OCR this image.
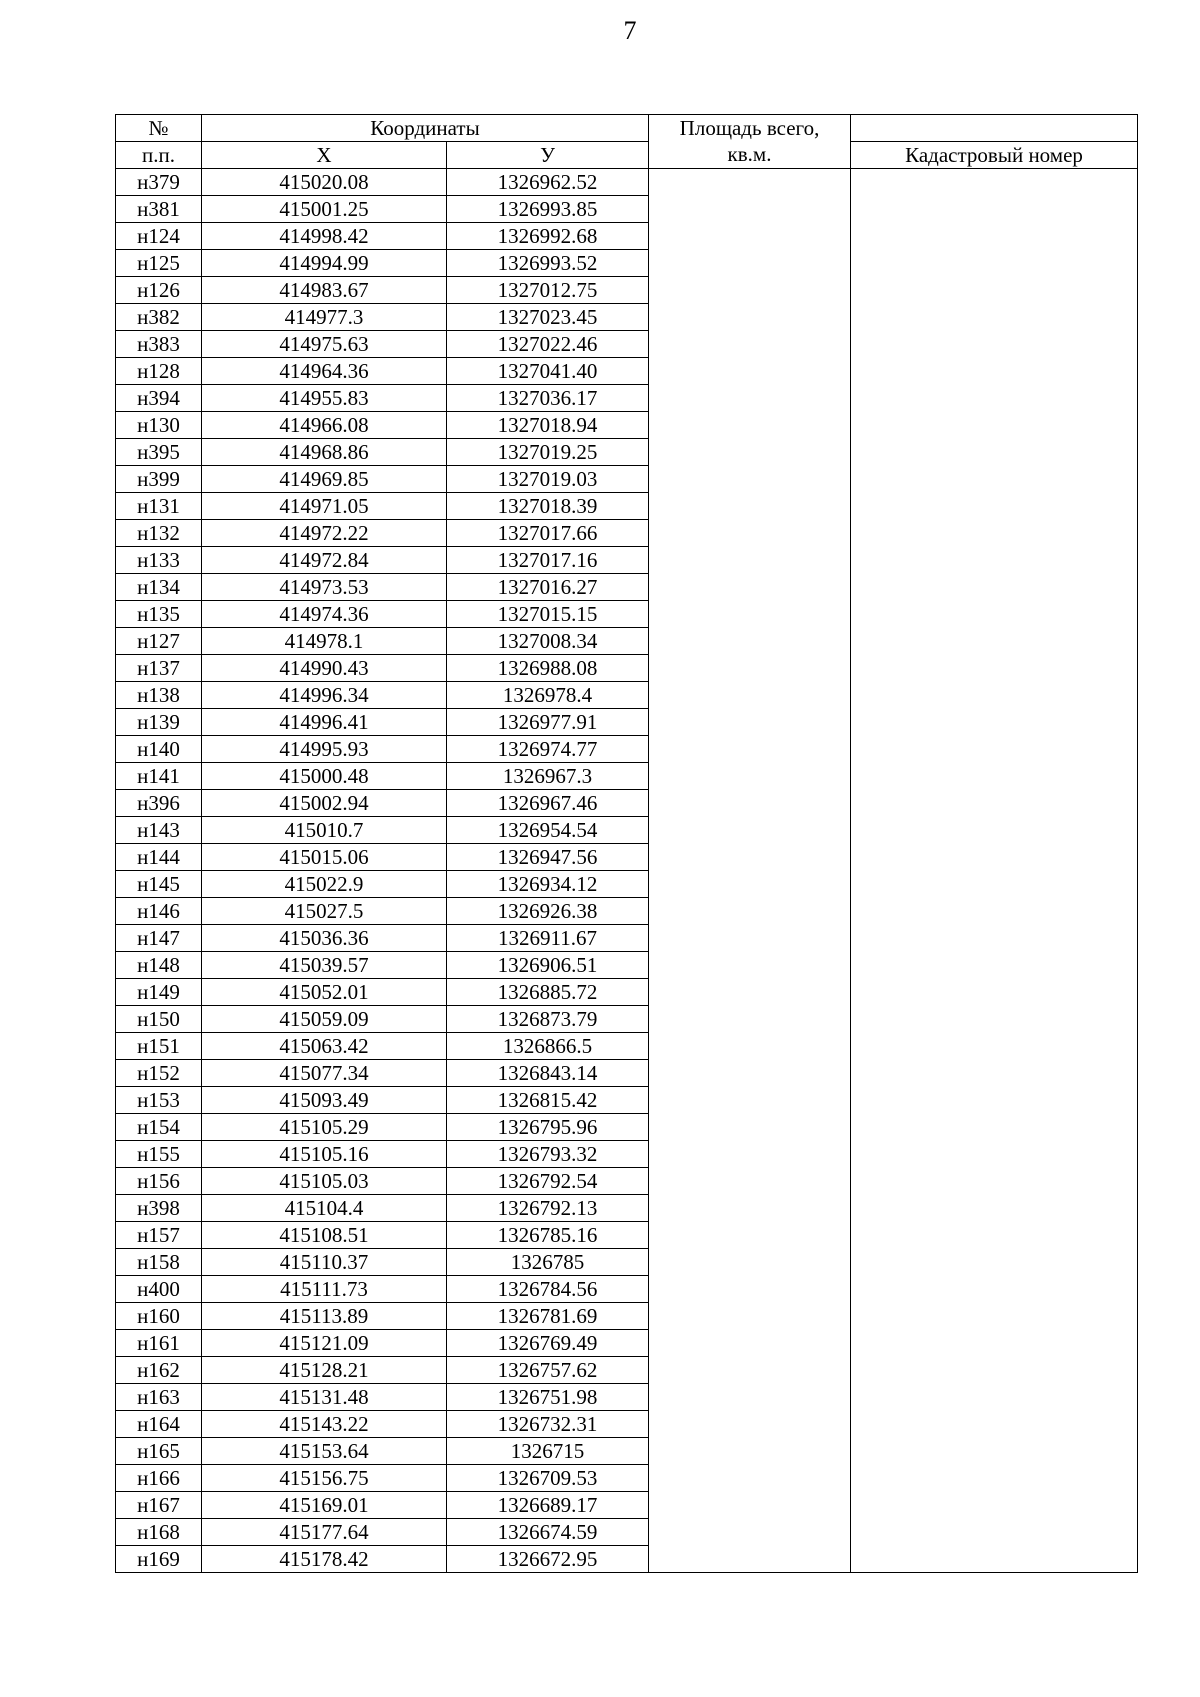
7
№	Координаты		Площадь всего,
кв.м.	
п.п.	X	У		Кадастровый номер
н379	415020.08	1326962.52		
н381	415001.25	1326993.85		
н124	414998.42	1326992.68		
н125	414994.99	1326993.52		
н126	414983.67	1327012.75		
н382	414977.3	1327023.45		
н383	414975.63	1327022.46		
н128	414964.36	1327041.40		
н394	414955.83	1327036.17		
н130	414966.08	1327018.94		
н395	414968.86	1327019.25		
н399	414969.85	1327019.03		
н131	414971.05	1327018.39		
н132	414972.22	1327017.66		
н133	414972.84	1327017.16		
н134	414973.53	1327016.27		
н135	414974.36	1327015.15		
н127	414978.1	1327008.34		
н137	414990.43	1326988.08		
н138	414996.34	1326978.4		
н139	414996.41	1326977.91		
н140	414995.93	1326974.77		
н141	415000.48	1326967.3		
н396	415002.94	1326967.46		
н143	415010.7	1326954.54		
н144	415015.06	1326947.56		
н145	415022.9	1326934.12		
н146	415027.5	1326926.38		
н147	415036.36	1326911.67		
н148	415039.57	1326906.51		
н149	415052.01	1326885.72		
н150	415059.09	1326873.79		
н151	415063.42	1326866.5		
н152	415077.34	1326843.14		
н153	415093.49	1326815.42		
н154	415105.29	1326795.96		
н155	415105.16	1326793.32		
н156	415105.03	1326792.54		
н398	415104.4	1326792.13		
н157	415108.51	1326785.16		
н158	415110.37	1326785		
н400	415111.73	1326784.56		
н160	415113.89	1326781.69		
н161	415121.09	1326769.49		
н162	415128.21	1326757.62		
н163	415131.48	1326751.98		
н164	415143.22	1326732.31		
н165	415153.64	1326715		
н166	415156.75	1326709.53		
н167	415169.01	1326689.17		
н168	415177.64	1326674.59		
н169	415178.42	1326672.95		
